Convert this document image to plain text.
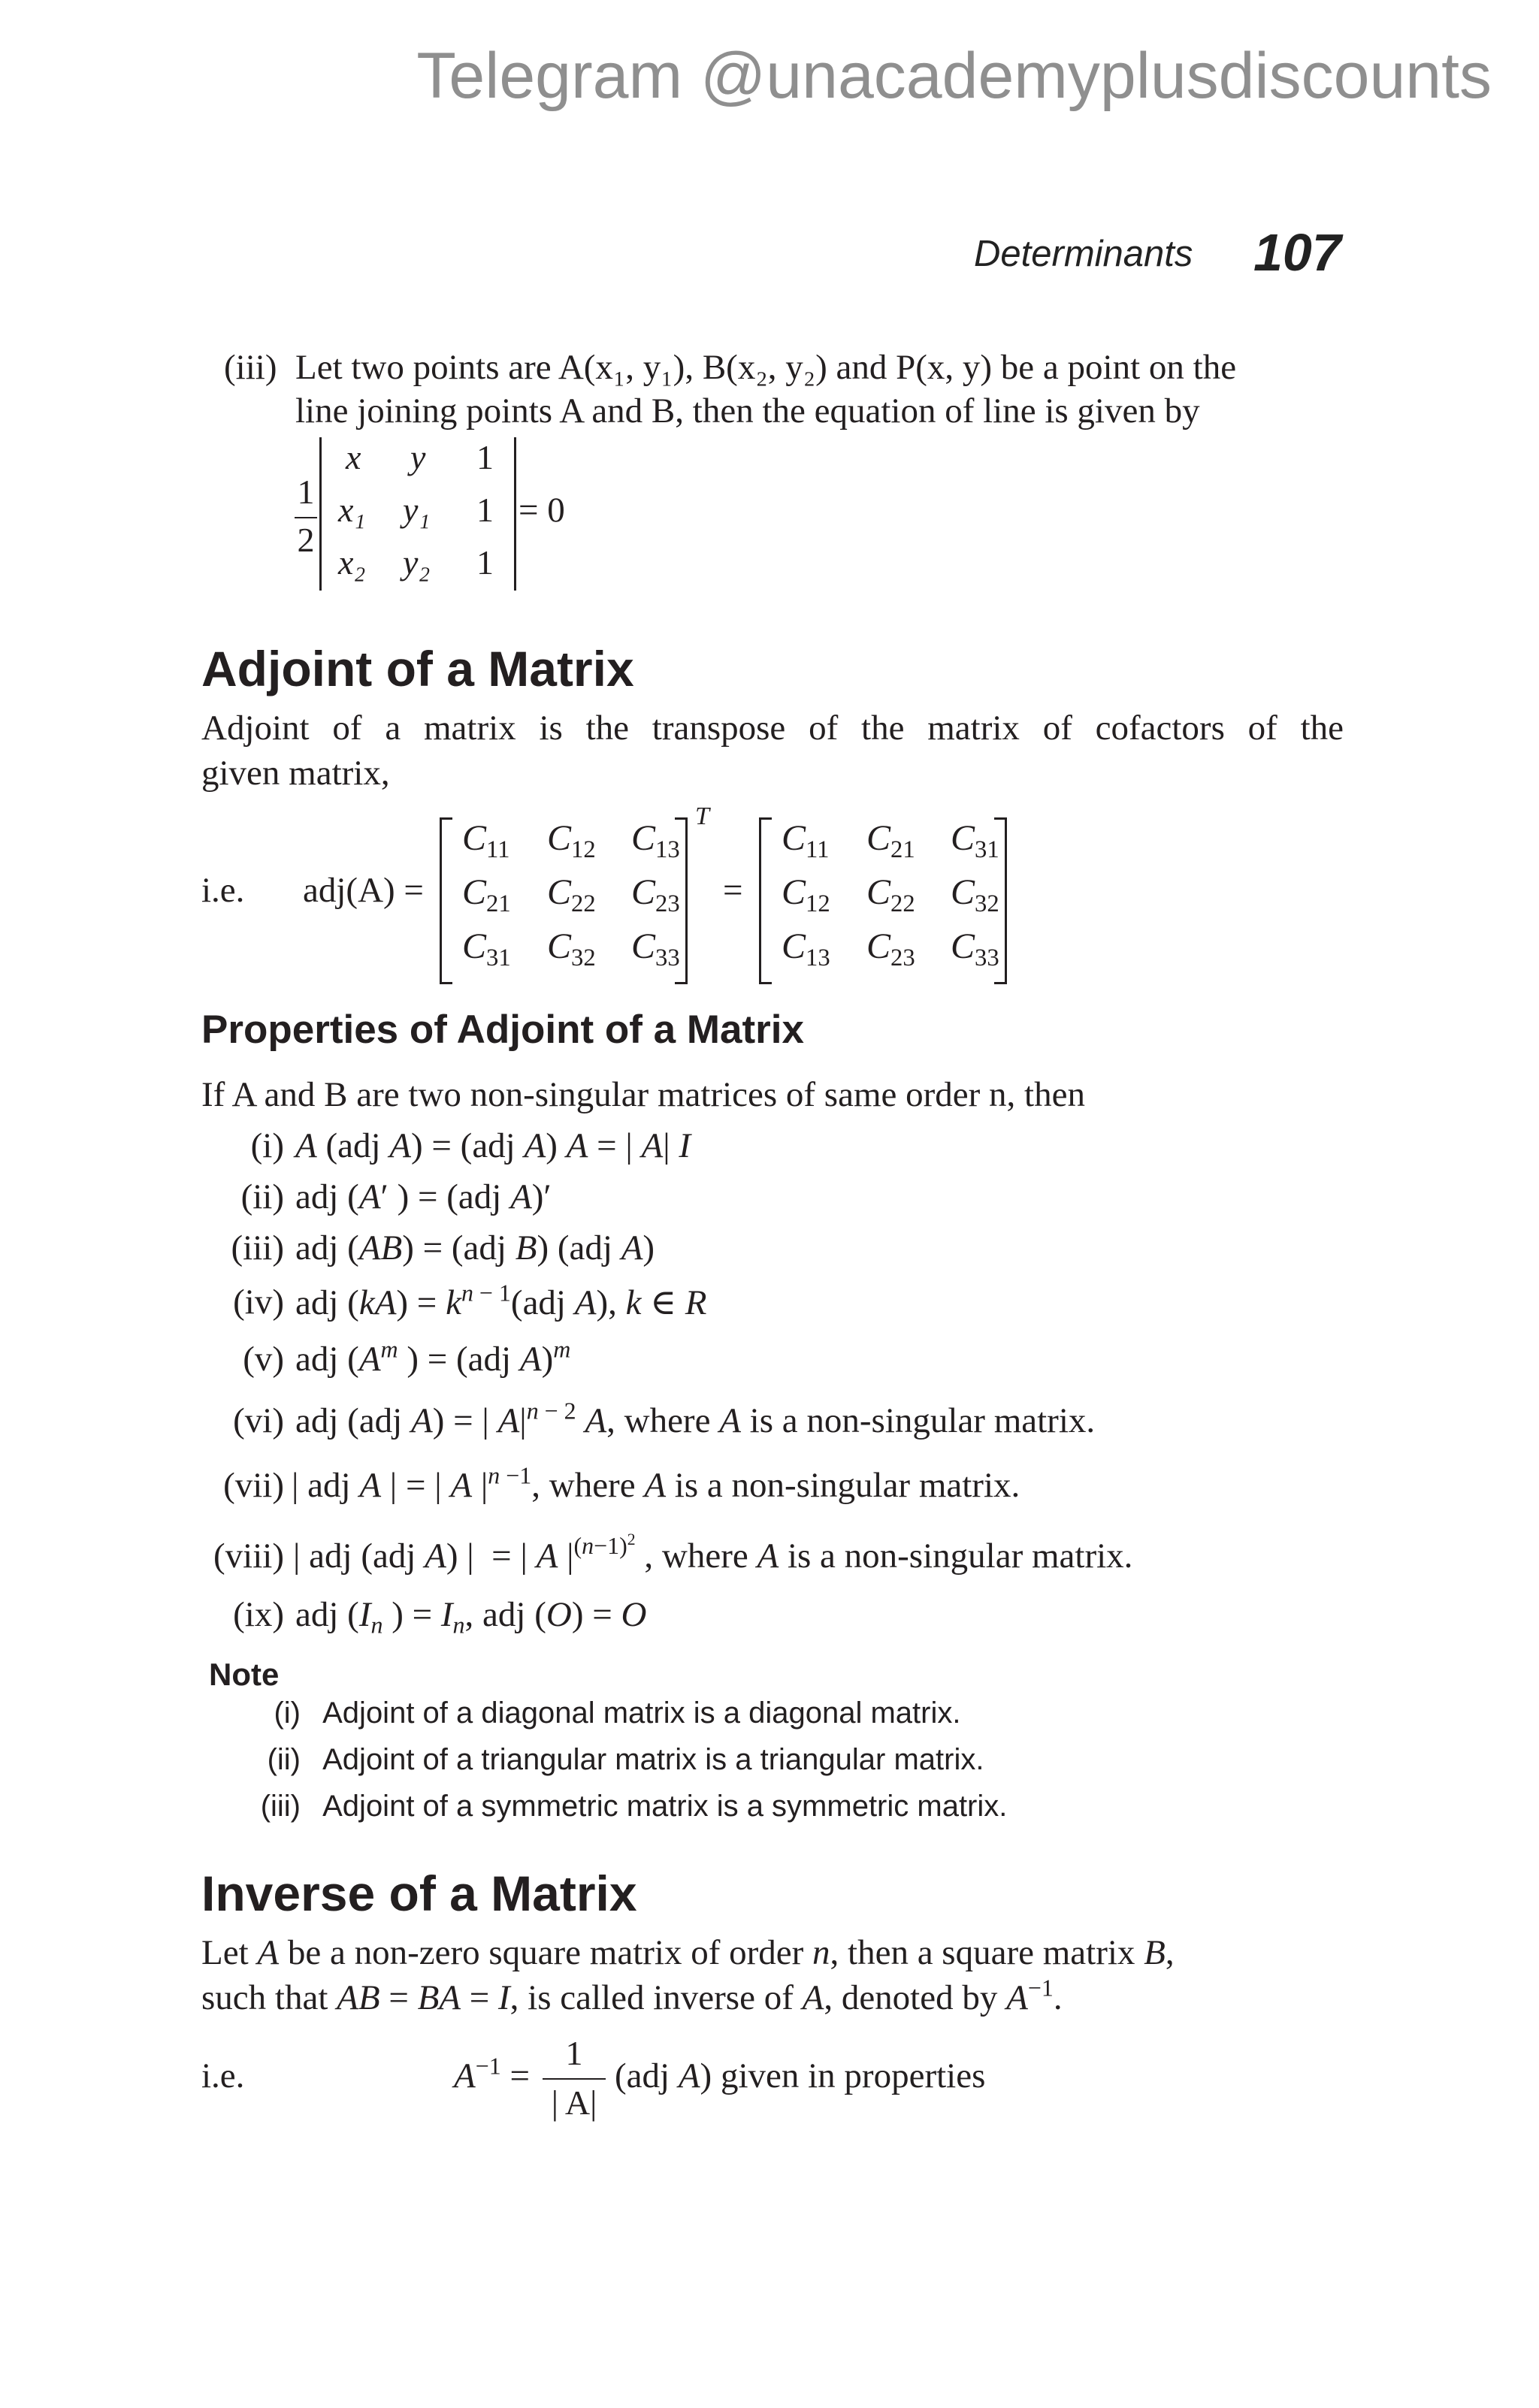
Telegram @unacademyplusdiscounts
Determinants 107
(iii) Let two points are A(x₁, y₁), B(x₂, y₂) and P(x, y) be a point on the
line joining points A and B, then the equation of line is given by
1
2
x y 1
x₁ y₁ 1
x₂ y₂ 1
= 0
Adjoint of a Matrix
Adjoint of a matrix is the transpose of the matrix of cofactors of the
given matrix,
i.e. adj(A) =
$C_{11}$ $C_{12}$ $C_{13}$
$C_{21}$ $C_{22}$ $C_{23}$
$C_{31}$ $C_{32}$ $C_{33}$
T
=
$C_{11}$ $C_{21}$ $C_{31}$
$C_{12}$ $C_{22}$ $C_{32}$
$C_{13}$ $C_{23}$ $C_{33}$
Properties of Adjoint of a Matrix
If A and B are two non-singular matrices of same order n, then
(i) A (adj A) = (adj A) A = | A| I
(ii) adj (A′ ) = (adj A)′
(iii) adj (AB) = (adj B) (adj A)
(iv) adj $(kA) = k^{n - 1}(adj$ A), k ∈ R
(v) adj ($A^m$ ) = (adj A)$^m$
(vi) adj (adj A) = | $A|^{n - 2}$ A, where A is a non-singular matrix.
(vii) | adj A | = | A $|^{n -1}$, where A is a non-singular matrix.
(viii) | adj (adj A) |  = | A $|^{(n-1)^2}$ , where A is a non-singular matrix.
(ix) adj ($I_n$ ) = $I_n$, adj (O) = O
Note
(i) Adjoint of a diagonal matrix is a diagonal matrix.
(ii) Adjoint of a triangular matrix is a triangular matrix.
(iii) Adjoint of a symmetric matrix is a symmetric matrix.
Inverse of a Matrix
Let A be a non-zero square matrix of order n, then a square matrix B,
such that AB = BA = I, is called inverse of A, denoted by $A^{-1}$.
i.e.	$A^{-1}$ =
1
| A|
(adj A) given in properties
